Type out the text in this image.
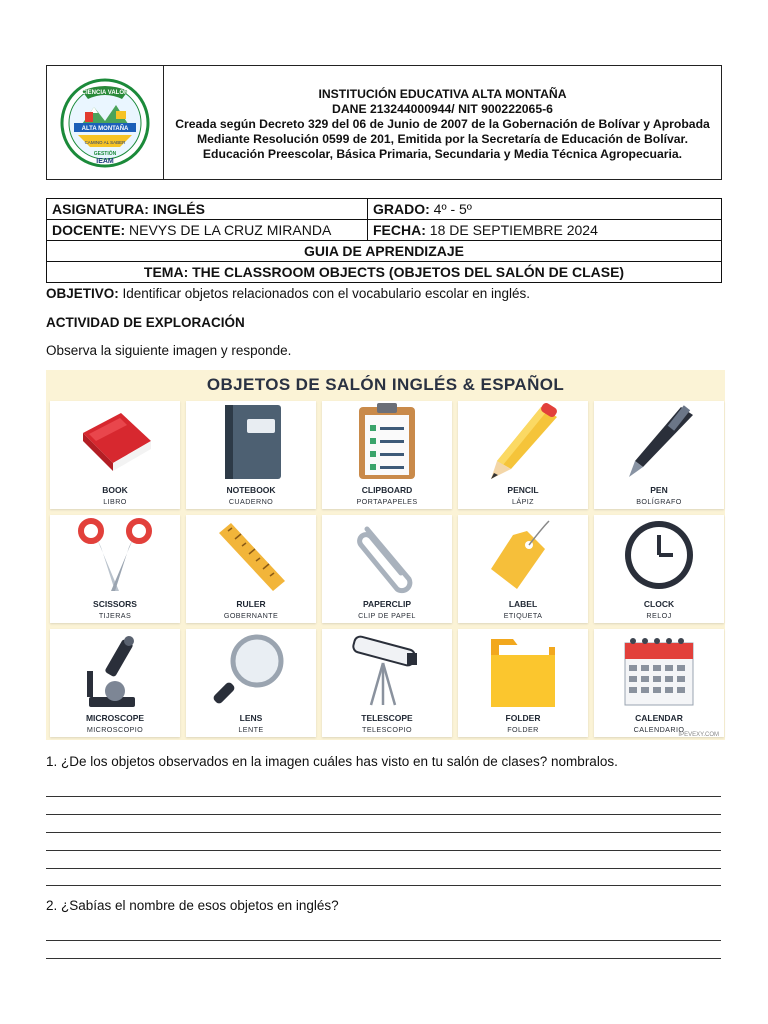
CIENCIA VALOR
ALTA MONTAÑA
CAMINO AL SABER
GESTIÓN
IEAM
INSTITUCIÓN EDUCATIVA ALTA MONTAÑA
DANE 213244000944/ NIT 900222065-6
Creada según Decreto 329 del 06 de Junio de 2007 de la Gobernación de Bolívar y Aprobada
Mediante Resolución 0599 de 201, Emitida por la Secretaría de Educación de Bolívar.
Educación Preescolar, Básica Primaria, Secundaria y Media Técnica Agropecuaria.
ASIGNATURA: INGLÉS	GRADO: 4º - 5º
DOCENTE: NEVYS DE LA CRUZ MIRANDA	FECHA: 18 DE SEPTIEMBRE 2024
GUIA DE APRENDIZAJE	
TEMA: THE CLASSROOM OBJECTS (OBJETOS DEL SALÓN DE CLASE)	
OBJETIVO: Identificar objetos relacionados con el vocabulario escolar en inglés.
ACTIVIDAD DE EXPLORACIÓN
Observa la siguiente imagen y responde.
OBJETOS DE SALÓN INGLÉS & ESPAÑOL
BOOK
LIBRO
NOTEBOOK
CUADERNO
CLIPBOARD
PORTAPAPELES
PENCIL
LÁPIZ
PEN
BOLÍGRAFO
SCISSORS
TIJERAS
RULER
GOBERNANTE
PAPERCLIP
CLIP DE PAPEL
LABEL
ETIQUETA
CLOCK
RELOJ
MICROSCOPE
MICROSCOPIO
LENS
LENTE
TELESCOPE
TELESCOPIO
FOLDER
FOLDER
CALENDAR
CALENDARIO
IPEVEXY.COM
1. ¿De los objetos observados en la imagen cuáles has visto en tu salón de clases? nombralos.
2. ¿Sabías el nombre de esos objetos en inglés?
